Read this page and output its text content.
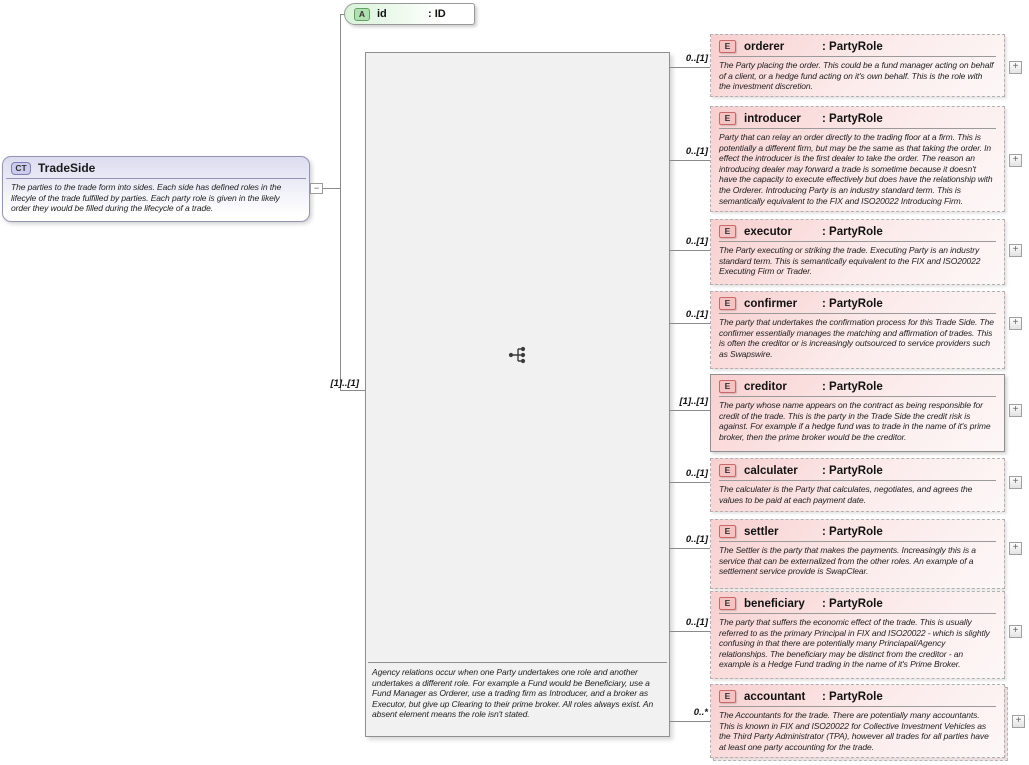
CT TradeSide
The parties to the trade form into sides. Each side has defined roles in the lifecyle of the trade fulfilled by parties. Each party role is given in the likely order they would be filled during the lifecycle of a trade.
−
A	id	: ID
[1]..[1]
Agency relations occur when one Party undertakes one role and another undertakes a different role. For example a Fund would be Beneficiary, use a Fund Manager as Orderer, use a trading firm as Introducer, and a broker as Executor, but give up Clearing to their prime broker. All roles always exist. An absent element means the role isn't stated.
0..[1]
E	orderer	: PartyRole
The Party placing the order. This could be a fund manager acting on behalf of a client, or a hedge fund acting on it's own behalf. This is the role with the investment discretion.
+
0..[1]
E	introducer	: PartyRole
Party that can relay an order directly to the trading floor at a firm. This is potentially a different firm, but may be the same as that taking the order. In effect the introducer is the first dealer to take the order. The reason an introducing dealer may forward a trade is sometime because it doesn't have the capacity to execute effectively but does have the relationship with the Orderer. Introducing Party is an industry standard term. This is semantically equivalent to the FIX and ISO20022 Introducing Firm.
+
0..[1]
E	executor	: PartyRole
The Party executing or striking the trade. Executing Party is an industry standard term. This is semantically equivalent to the FIX and ISO20022 Executing Firm or Trader.
+
0..[1]
E	confirmer	: PartyRole
The party that undertakes the confirmation process for this Trade Side. The confirmer essentially manages the matching and affirmation of trades. This is often the creditor or is increasingly outsourced to service providers such as Swapswire.
+
[1]..[1]
E	creditor	: PartyRole
The party whose name appears on the contract as being responsible for credit of the trade. This is the party in the Trade Side the credit risk is against. For example if a hedge fund was to trade in the name of it's prime broker, then the prime broker would be the creditor.
+
0..[1]	E	calculater	: PartyRole
The calculater is the Party that calculates, negotiates, and agrees the values to be paid at each payment date.
+
0..[1]
E	settler	: PartyRole
The Settler is the party that makes the payments. Increasingly this is a service that can be externalized from the other roles. An example of a settlement service provide is SwapClear.
+
0..[1]
E	beneficiary	: PartyRole
The party that suffers the economic effect of the trade. This is usually referred to as the primary Principal in FIX and ISO20022 - which is slightly confusing in that there are potentially many Princiapal/Agency relationships. The beneficiary may be distinct from the creditor - an example is a Hedge Fund trading in the name of it's Prime Broker.
+
0..*
E	accountant	: PartyRole
The Accountants for the trade. There are potentially many accountants. This is known in FIX and ISO20022 for Collective Investment Vehicles as the Third Party Administrator (TPA), however all trades for all parties have at least one party accounting for the trade.
+
